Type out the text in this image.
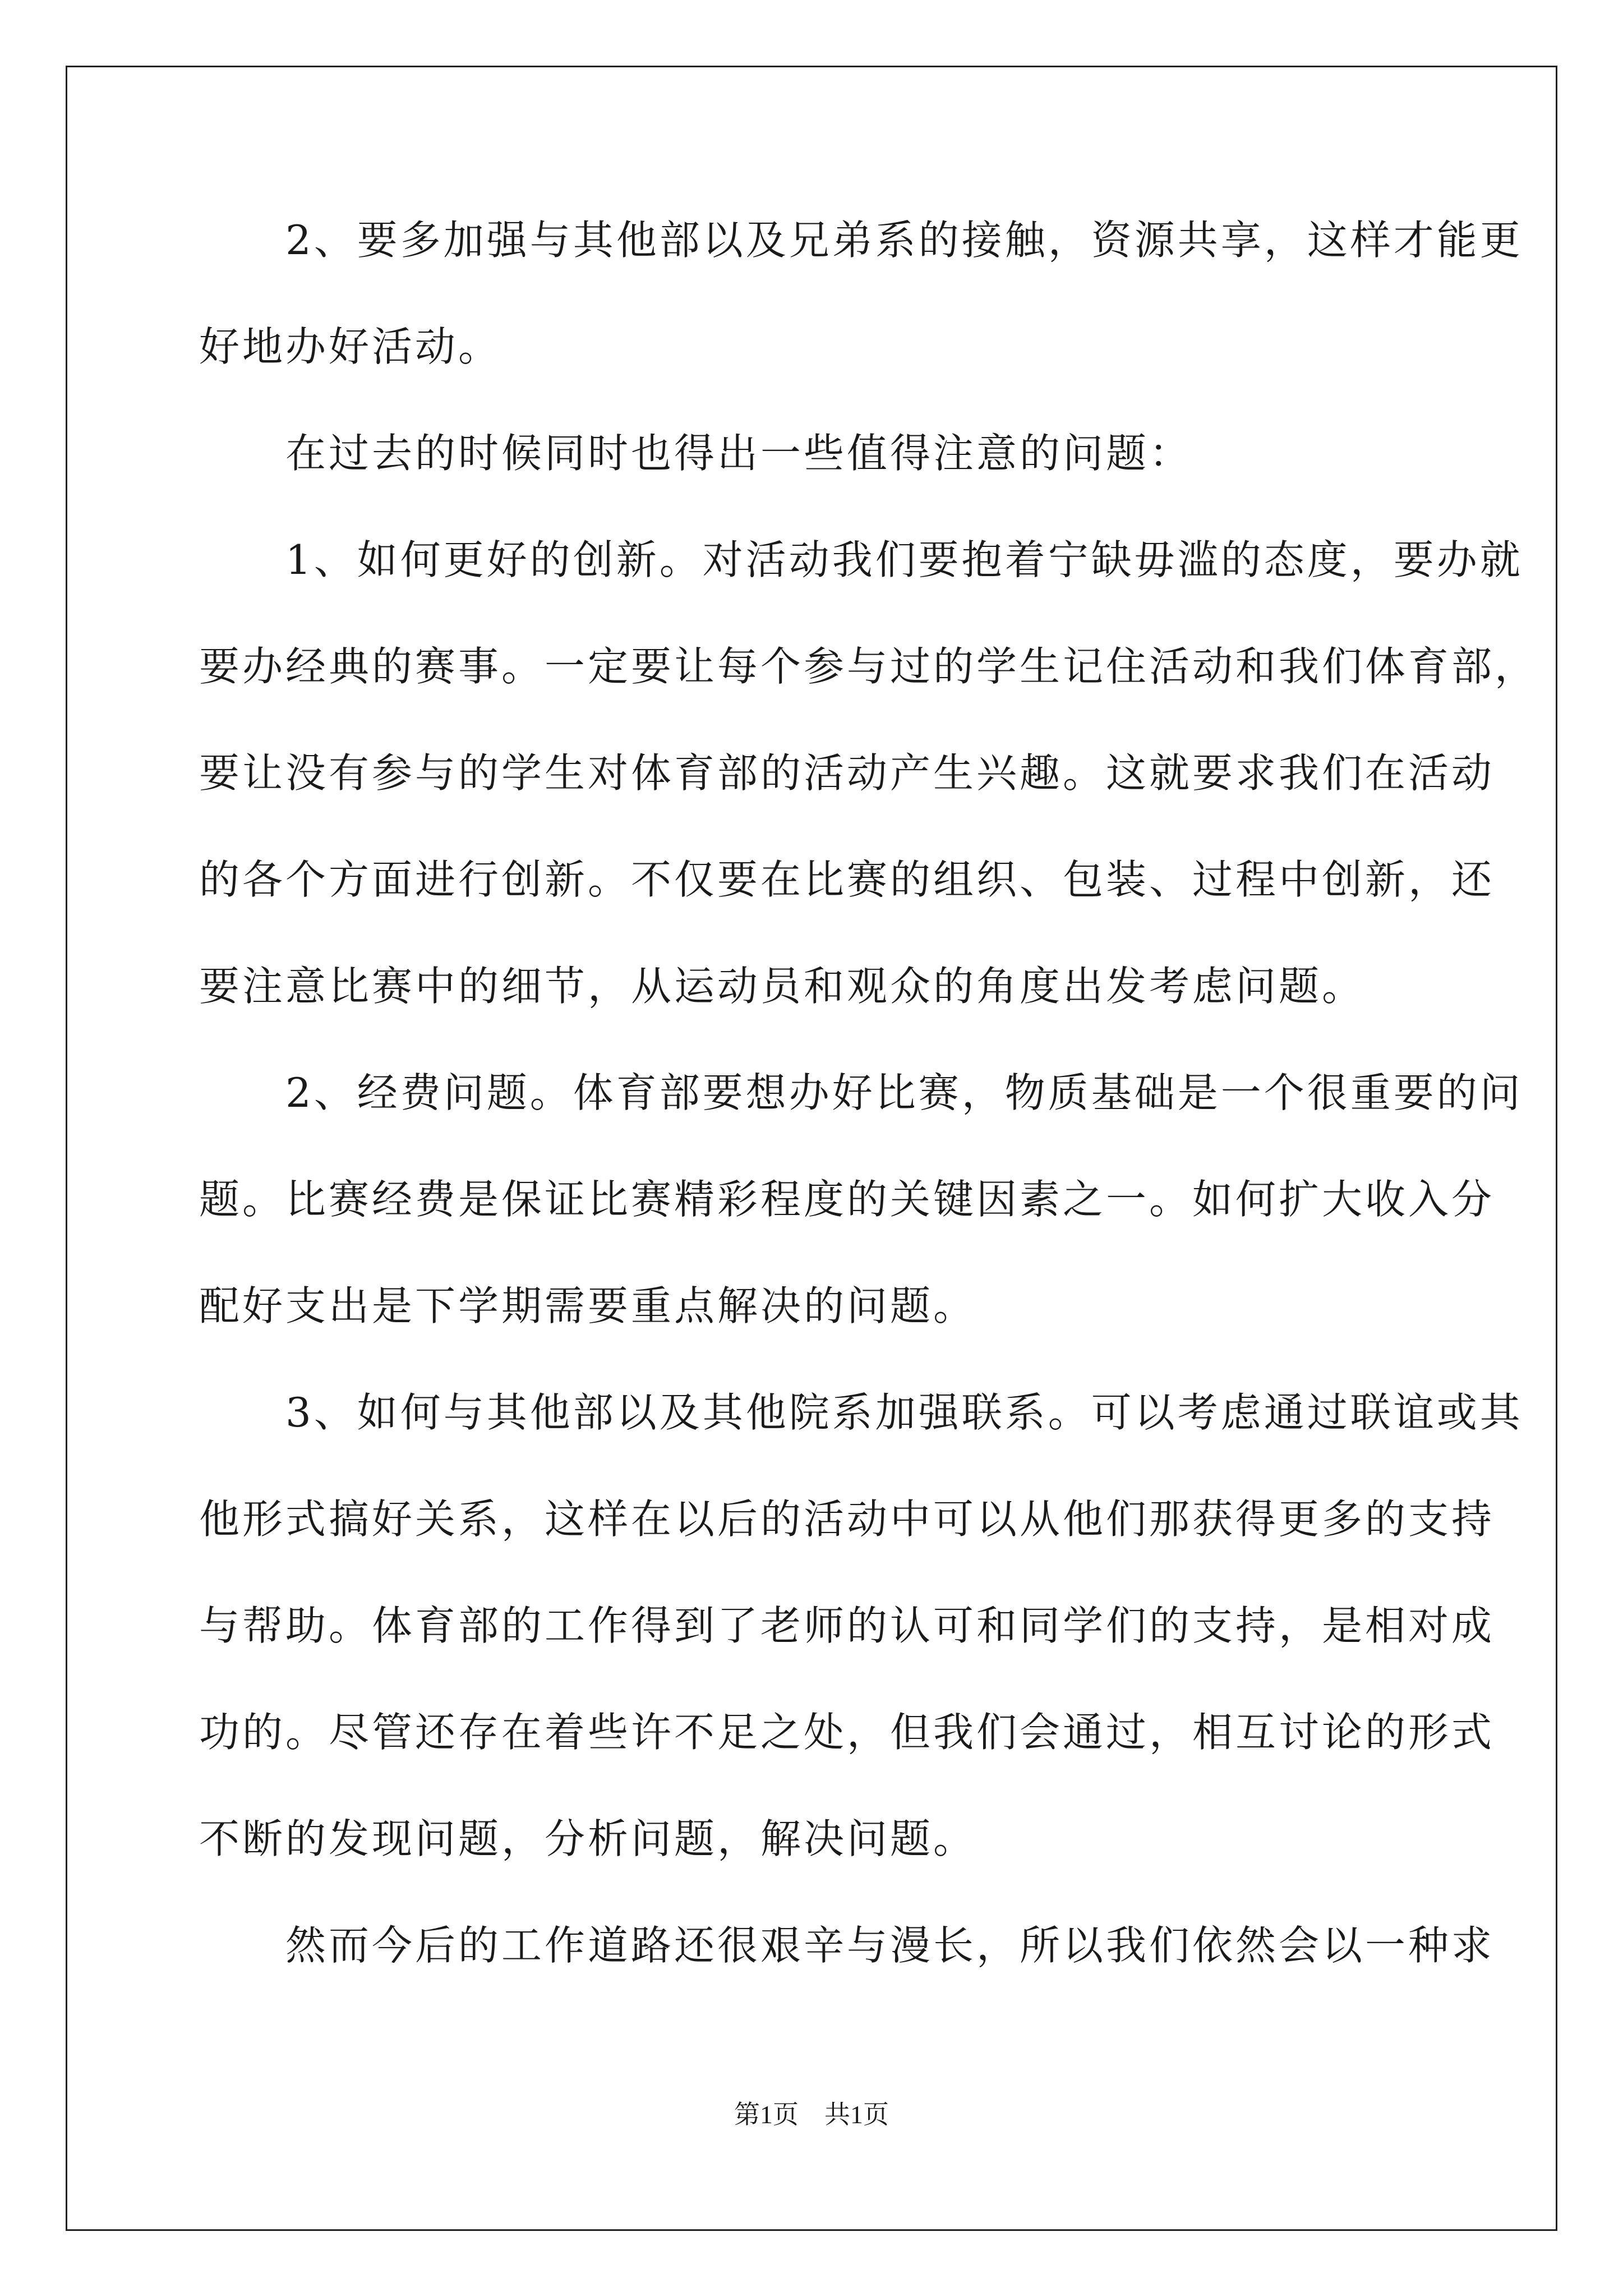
　　2、要多加强与其他部以及兄弟系的接触，资源共享，这样才能更
好地办好活动。
　　在过去的时候同时也得出一些值得注意的问题：
　　1、如何更好的创新。对活动我们要抱着宁缺毋滥的态度，要办就
要办经典的赛事。一定要让每个参与过的学生记住活动和我们体育部，
要让没有参与的学生对体育部的活动产生兴趣。这就要求我们在活动
的各个方面进行创新。不仅要在比赛的组织、包装、过程中创新，还
要注意比赛中的细节，从运动员和观众的角度出发考虑问题。
　　2、经费问题。体育部要想办好比赛，物质基础是一个很重要的问
题。比赛经费是保证比赛精彩程度的关键因素之一。如何扩大收入分
配好支出是下学期需要重点解决的问题。
　　3、如何与其他部以及其他院系加强联系。可以考虑通过联谊或其
他形式搞好关系，这样在以后的活动中可以从他们那获得更多的支持
与帮助。体育部的工作得到了老师的认可和同学们的支持，是相对成
功的。尽管还存在着些许不足之处，但我们会通过，相互讨论的形式
不断的发现问题，分析问题，解决问题。
　　然而今后的工作道路还很艰辛与漫长，所以我们依然会以一种求
第1页　共1页
